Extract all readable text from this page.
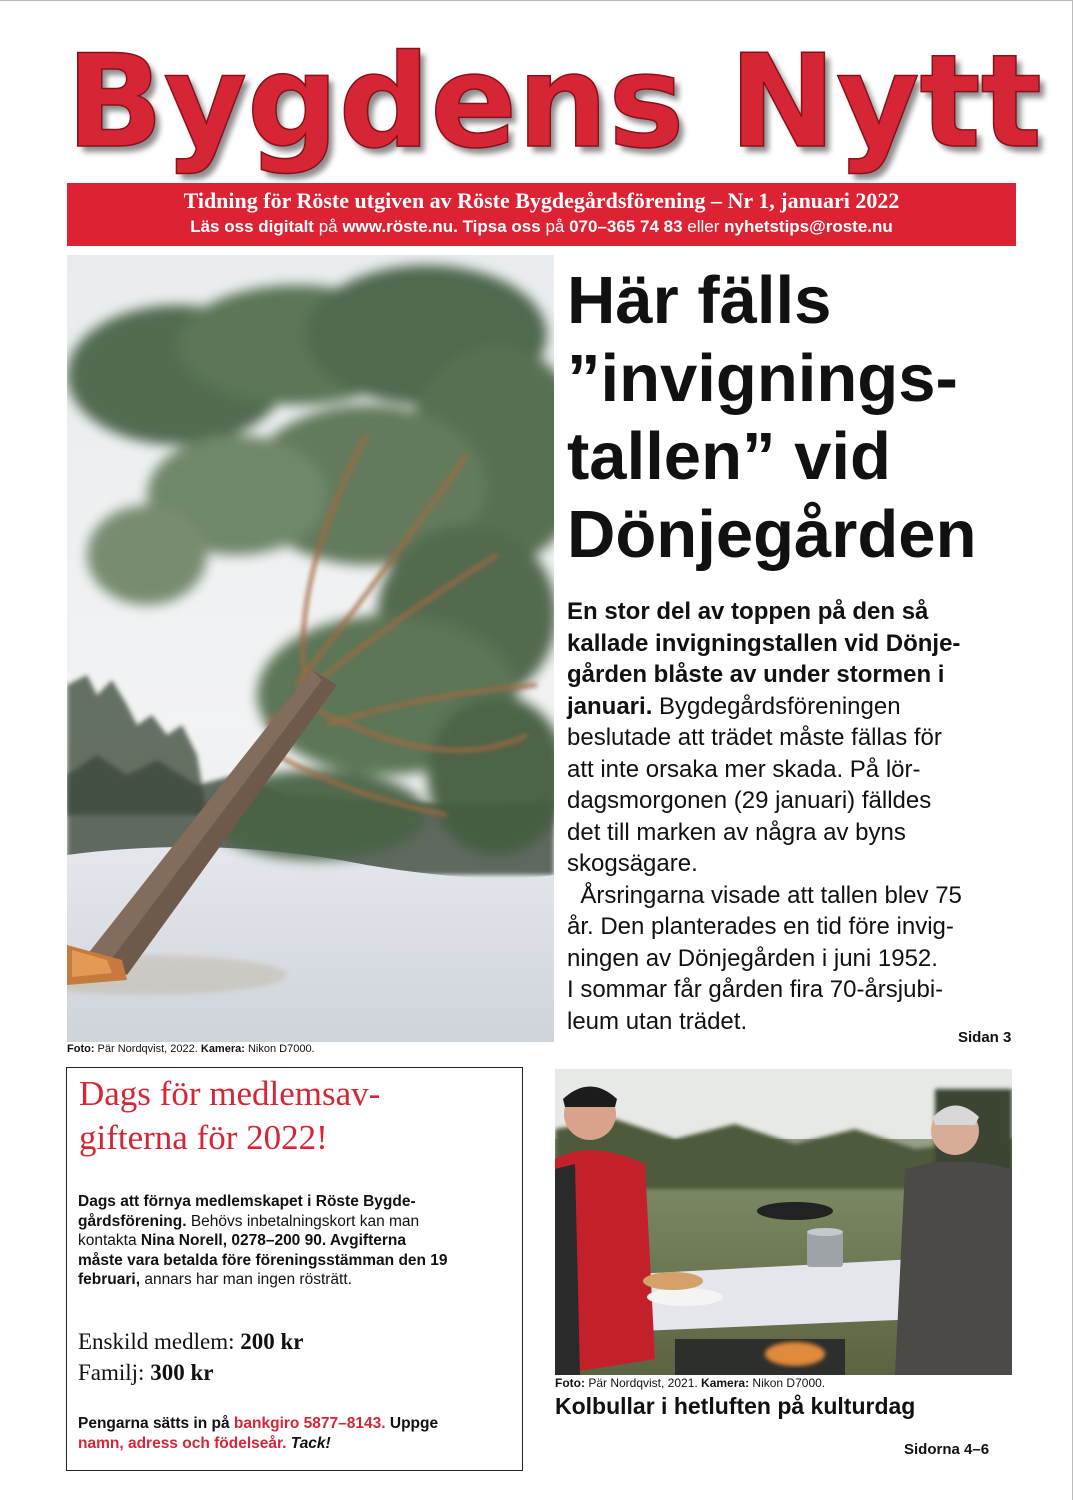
Bygdens Nytt
Tidning för Röste utgiven av Röste Bygdegårdsförening – Nr 1, januari 2022
Läs oss digitalt på www.röste.nu. Tipsa oss på 070–365 74 83 eller nyhetstips@roste.nu
Foto: Pär Nordqvist, 2022. Kamera: Nikon D7000.
Här fälls
”invignings-
tallen” vid
Dönjegården
En stor del av toppen på den så
kallade invigningstallen vid Dönje-
gården blåste av under stormen i
januari. Bygdegårdsföreningen
beslutade att trädet måste fällas för
att inte orsaka mer skada. På lör-
dagsmorgonen (29 januari) fälldes
det till marken av några av byns
skogsägare.
Årsringarna visade att tallen blev 75
år. Den planterades en tid före invig-
ningen av Dönjegården i juni 1952.
I sommar får gården fira 70-årsjubi-
leum utan trädet.
Sidan 3
Dags för medlemsav-
gifterna för 2022!
Dags att förnya medlemskapet i Röste Bygde-
gårdsförening. Behövs inbetalningskort kan man
kontakta Nina Norell, 0278–200 90. Avgifterna
måste vara betalda före föreningsstämman den 19
februari, annars har man ingen rösträtt.
Enskild medlem: 200 kr
Familj: 300 kr
Pengarna sätts in på bankgiro 5877–8143. Uppge
namn, adress och födelseår. Tack!
Foto: Pär Nordqvist, 2021. Kamera: Nikon D7000.
Kolbullar i hetluften på kulturdag
Sidorna 4–6
